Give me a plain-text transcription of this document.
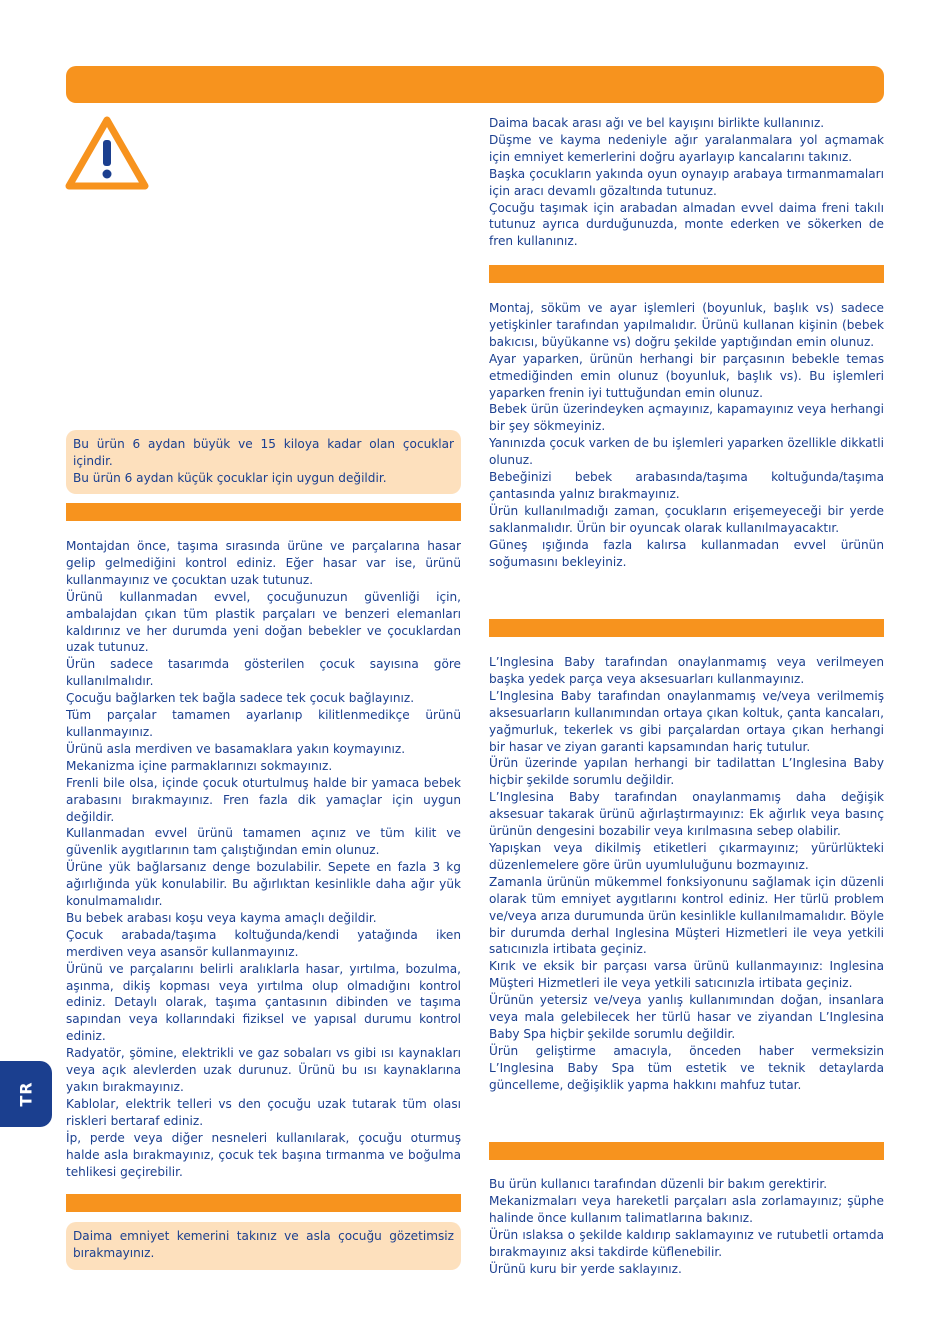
Bu ürün 6 aydan büyük ve 15 kiloya kadar olan çocuklar içindir.

Bu ürün 6 aydan küçük çocuklar için uygun değildir.

Montajdan önce, taşıma sırasında ürüne ve parçalarına hasar gelip gelmediğini kontrol ediniz. Eğer hasar var ise, ürünü kullanmayınız ve çocuktan uzak tutunuz.

Ürünü kullanmadan evvel, çocuğunuzun güvenliği için, ambalajdan çıkan tüm plastik parçaları ve benzeri elemanları kaldırınız ve her durumda yeni doğan bebekler ve çocuklardan uzak tutunuz.

Ürün sadece tasarımda gösterilen çocuk sayısına göre kullanılmalıdır.

Çocuğu bağlarken tek bağla sadece tek çocuk bağlayınız.

Tüm parçalar tamamen ayarlanıp kilitlenmedikçe ürünü kullanmayınız.

Ürünü asla merdiven ve basamaklara yakın koymayınız.

Mekanizma içine parmaklarınızı sokmayınız.

Frenli bile olsa, içinde çocuk oturtulmuş halde bir yamaca bebek arabasını bırakmayınız. Fren fazla dik yamaçlar için uygun değildir.

Kullanmadan evvel ürünü tamamen açınız ve tüm kilit ve güvenlik aygıtlarının tam çalıştığından emin olunuz.

Ürüne yük bağlarsanız denge bozulabilir. Sepete en fazla 3 kg ağırlığında yük konulabilir. Bu ağırlıktan kesinlikle daha ağır yük konulmamalıdır.

Bu bebek arabası koşu veya kayma amaçlı değildir.

Çocuk arabada/taşıma koltuğunda/kendi yatağında iken merdiven veya asansör kullanmayınız.

Ürünü ve parçalarını belirli aralıklarla hasar, yırtılma, bozulma, aşınma, dikiş kopması veya yırtılma olup olmadığını kontrol ediniz. Detaylı olarak, taşıma çantasının dibinden ve taşıma sapından veya kollarındaki fiziksel ve yapısal durumu kontrol ediniz.

Radyatör, şömine, elektrikli ve gaz sobaları vs gibi ısı kaynakları veya açık alevlerden uzak durunuz. Ürünü bu ısı kaynaklarına yakın bırakmayınız.

Kablolar, elektrik telleri vs den çocuğu uzak tutarak tüm olası riskleri bertaraf ediniz.

İp, perde veya diğer nesneleri kullanılarak, çocuğu oturmuş halde asla bırakmayınız, çocuk tek başına tırmanma ve boğulma tehlikesi geçirebilir.

Daima emniyet kemerini takınız ve asla çocuğu gözetimsiz bırakmayınız.

Daima bacak arası ağı ve bel kayışını birlikte kullanınız.

Düşme ve kayma nedeniyle ağır yaralanmalara yol açmamak için emniyet kemerlerini doğru ayarlayıp kancalarını takınız.

Başka çocukların yakında oyun oynayıp arabaya tırmanmamaları için aracı devamlı gözaltında tutunuz.

Çocuğu taşımak için arabadan almadan evvel daima freni takılı tutunuz ayrıca durduğunuzda, monte ederken ve sökerken de fren kullanınız.

Montaj, söküm ve ayar işlemleri (boyunluk, başlık vs) sadece yetişkinler tarafından yapılmalıdır. Ürünü kullanan kişinin (bebek bakıcısı, büyükanne vs) doğru şekilde yaptığından emin olunuz.

Ayar yaparken, ürünün herhangi bir parçasının bebekle temas etmediğinden emin olunuz (boyunluk, başlık vs). Bu işlemleri yaparken frenin iyi tuttuğundan emin olunuz.

Bebek ürün üzerindeyken açmayınız, kapamayınız veya herhangi bir şey sökmeyiniz.

Yanınızda çocuk varken de bu işlemleri yaparken özellikle dikkatli olunuz.

Bebeğinizi bebek arabasında/taşıma koltuğunda/taşıma çantasında yalnız bırakmayınız.

Ürün kullanılmadığı zaman, çocukların erişemeyeceği bir yerde saklanmalıdır. Ürün bir oyuncak olarak kullanılmayacaktır.

Güneş ışığında fazla kalırsa kullanmadan evvel ürünün soğumasını bekleyiniz.

L’Inglesina Baby tarafından onaylanmamış veya verilmeyen başka yedek parça veya aksesuarları kullanmayınız.

L’Inglesina Baby tarafından onaylanmamış ve/veya verilmemiş aksesuarların kullanımından ortaya çıkan koltuk, çanta kancaları, yağmurluk, tekerlek vs gibi parçalardan ortaya çıkan herhangi bir hasar ve ziyan garanti kapsamından hariç tutulur.

Ürün üzerinde yapılan herhangi bir tadilattan L’Inglesina Baby hiçbir şekilde sorumlu değildir.

L’Inglesina Baby tarafından onaylanmamış daha değişik aksesuar takarak ürünü ağırlaştırmayınız: Ek ağırlık veya basınç ürünün dengesini bozabilir veya kırılmasına sebep olabilir.

Yapışkan veya dikilmiş etiketleri çıkarmayınız; yürürlükteki düzenlemelere göre ürün uyumluluğunu bozmayınız.

Zamanla ürünün mükemmel fonksiyonunu sağlamak için düzenli olarak tüm emniyet aygıtlarını kontrol ediniz. Her türlü problem ve/veya arıza durumunda ürün kesinlikle kullanılmamalıdır. Böyle bir durumda derhal Inglesina Müşteri Hizmetleri ile veya yetkili satıcınızla irtibata geçiniz.

Kırık ve eksik bir parçası varsa ürünü kullanmayınız: Inglesina Müşteri Hizmetleri ile veya yetkili satıcınızla irtibata geçiniz.

Ürünün yetersiz ve/veya yanlış kullanımından doğan, insanlara veya mala gelebilecek her türlü hasar ve ziyandan L’Inglesina Baby Spa hiçbir şekilde sorumlu değildir.

Ürün geliştirme amacıyla, önceden haber vermeksizin L’Inglesina Baby Spa tüm estetik ve teknik detaylarda güncelleme, değişiklik yapma hakkını mahfuz tutar.

Bu ürün kullanıcı tarafından düzenli bir bakım gerektirir.

Mekanizmaları veya hareketli parçaları asla zorlamayınız; şüphe halinde önce kullanım talimatlarına bakınız.

Ürün ıslaksa o şekilde kaldırıp saklamayınız ve rutubetli ortamda bırakmayınız aksi takdirde küflenebilir.

Ürünü kuru bir yerde saklayınız.

TR
